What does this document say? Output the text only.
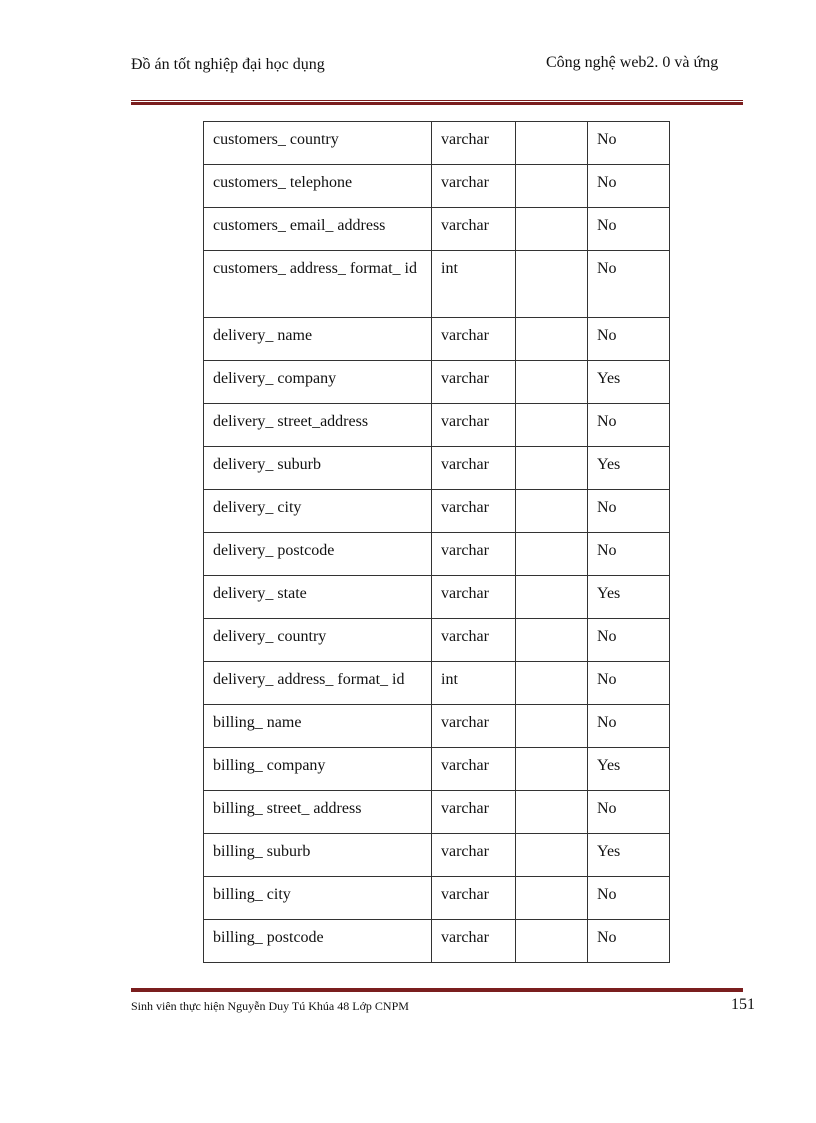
Đồ án tốt nghiệp đại học dụng	Công nghệ web2. 0 và ứng
customers_ country	varchar		No
customers_ telephone	varchar		No
customers_ email_ address	varchar		No
customers_ address_ format_ id	int		No
delivery_ name	varchar		No
delivery_ company	varchar		Yes
delivery_ street_address	varchar		No
delivery_ suburb	varchar		Yes
delivery_ city	varchar		No
delivery_ postcode	varchar		No
delivery_ state	varchar		Yes
delivery_ country	varchar		No
delivery_ address_ format_ id	int		No
billing_ name	varchar		No
billing_ company	varchar		Yes
billing_ street_ address	varchar		No
billing_ suburb	varchar		Yes
billing_ city	varchar		No
billing_ postcode	varchar		No
Sinh viên thực hiện Nguyễn Duy Tú Khúa 48 Lớp CNPM	151
